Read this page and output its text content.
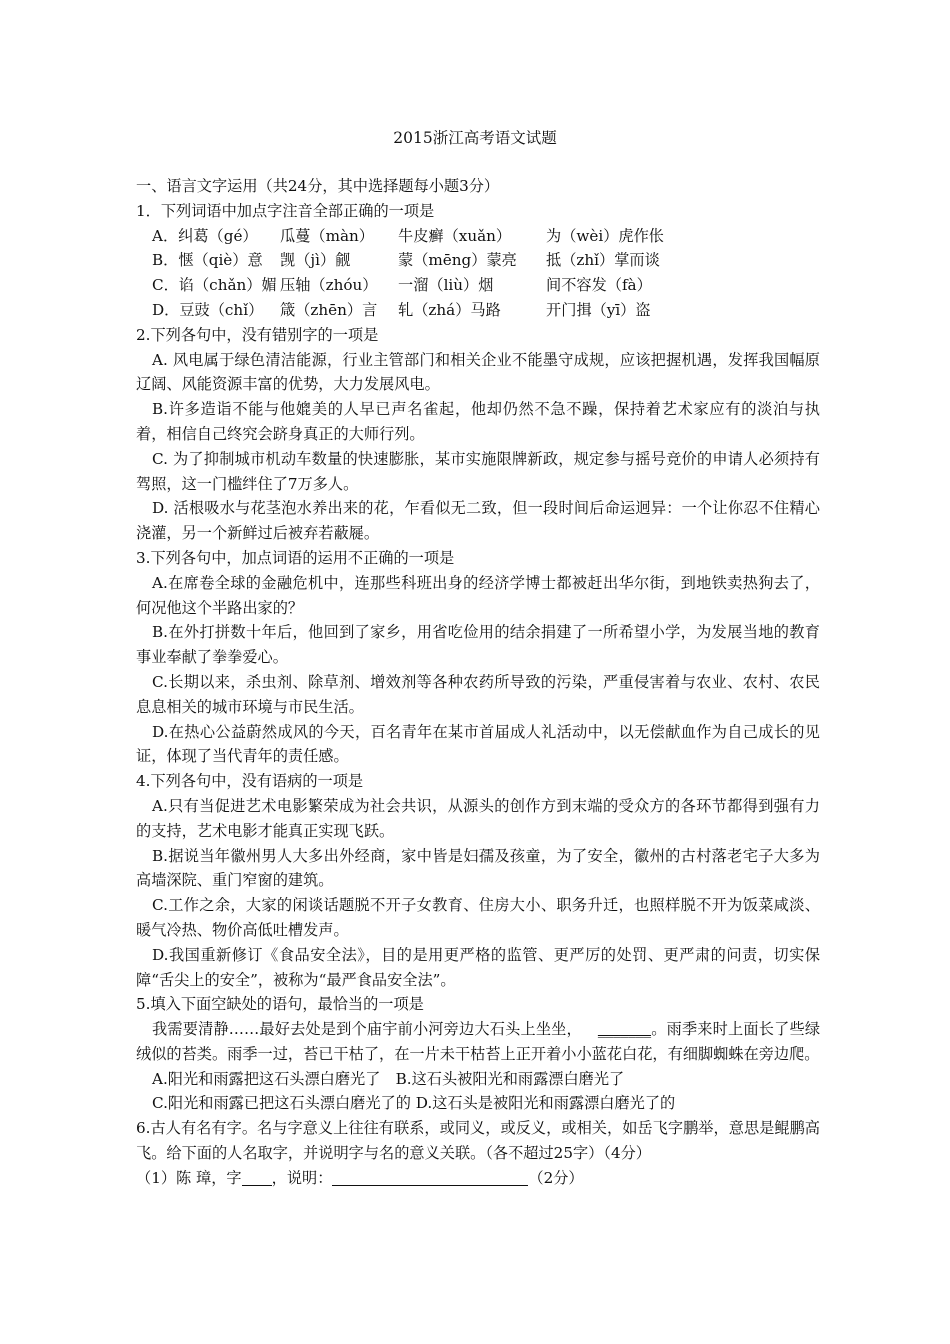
2015浙江高考语文试题
一、语言文字运用（共24分，其中选择题每小题3分）
1．下列词语中加点字注音全部正确的一项是
A．纠葛（gé） 瓜蔓（màn） 牛皮癣（xuǎn） 为（wèi）虎作伥
B．惬（qiè）意 觊（jì）觎	蒙（mēng）蒙亮 抵（zhǐ）掌而谈
C．谄（chǎn）媚 压轴（zhóu） 一溜（liù）烟	间不容发（fà）
D．豆豉（chǐ） 箴（zhēn）言 轧（zhá）马路	开门揖（yī）盗
2.下列各句中，没有错别字的一项是
A. 风电属于绿色清洁能源，行业主管部门和相关企业不能墨守成规，应该把握机遇，发挥我国幅原辽阔、风能资源丰富的优势，大力发展风电。
B.许多造诣不能与他媲美的人早已声名雀起，他却仍然不急不躁，保持着艺术家应有的淡泊与执着，相信自己终究会跻身真正的大师行列。
C. 为了抑制城市机动车数量的快速膨胀，某市实施限牌新政，规定参与摇号竞价的申请人必须持有驾照，这一门槛绊住了7万多人。
D. 活根吸水与花茎泡水养出来的花，乍看似无二致，但一段时间后命运迥异：一个让你忍不住精心浇灌，另一个新鲜过后被弃若蔽屣。
3.下列各句中，加点词语的运用不正确的一项是
A.在席卷全球的金融危机中，连那些科班出身的经济学博士都被赶出华尔街，到地铁卖热狗去了，何况他这个半路出家的？
B.在外打拼数十年后，他回到了家乡，用省吃俭用的结余捐建了一所希望小学，为发展当地的教育事业奉献了拳拳爱心。
C.长期以来，杀虫剂、除草剂、增效剂等各种农药所导致的污染，严重侵害着与农业、农村、农民息息相关的城市环境与市民生活。
D.在热心公益蔚然成风的今天，百名青年在某市首届成人礼活动中，以无偿献血作为自己成长的见证，体现了当代青年的责任感。
4.下列各句中，没有语病的一项是
A.只有当促进艺术电影繁荣成为社会共识，从源头的创作方到末端的受众方的各环节都得到强有力的支持，艺术电影才能真正实现飞跃。
B.据说当年徽州男人大多出外经商，家中皆是妇孺及孩童，为了安全，徽州的古村落老宅子大多为高墙深院、重门窄窗的建筑。
C.工作之余，大家的闲谈话题脱不开子女教育、住房大小、职务升迁，也照样脱不开为饭菜咸淡、暖气冷热、物价高低吐槽发声。
D.我国重新修订《食品安全法》，目的是用更严格的监管、更严厉的处罚、更严肃的问责，切实保障“舌尖上的安全”，被称为“最严食品安全法”。
5.填入下面空缺处的语句，最恰当的一项是
我需要清静……最好去处是到个庙宇前小河旁边大石头上坐坐， _______。雨季来时上面长了些绿绒似的苔类。雨季一过，苔已干枯了，在一片未干枯苔上正开着小小蓝花白花，有细脚蜘蛛在旁边爬。
A.阳光和雨露把这石头漂白磨光了  B.这石头被阳光和雨露漂白磨光了
C.阳光和雨露已把这石头漂白磨光了的 D.这石头是被阳光和雨露漂白磨光了的
6.古人有名有字。名与字意义上往往有联系，或同义，或反义，或相关，如岳飞字鹏举，意思是鲲鹏高飞。给下面的人名取字，并说明字与名的意义关联。（各不超过25字）（4分）
（1）陈 璋，字 ，说明：	（2分）
